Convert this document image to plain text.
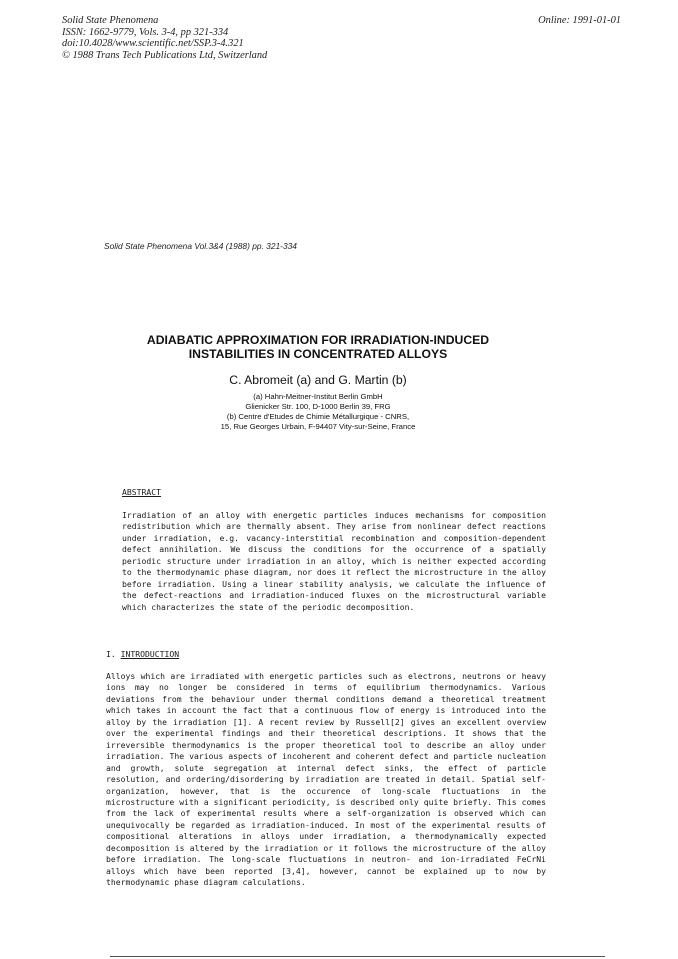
Solid State Phenomena
ISSN: 1662-9779, Vols. 3-4, pp 321-334
doi:10.4028/www.scientific.net/SSP.3-4.321
© 1988 Trans Tech Publications Ltd, Switzerland
Online: 1991-01-01
Solid State Phenomena Vol.3&4 (1988) pp. 321-334
ADIABATIC APPROXIMATION FOR IRRADIATION-INDUCED
INSTABILITIES IN CONCENTRATED ALLOYS
C. Abromeit (a) and G. Martin (b)
(a) Hahn-Meitner-Institut Berlin GmbH
Glienicker Str. 100, D-1000 Berlin 39, FRG
(b) Centre d'Etudes de Chimie Métallurgique - CNRS,
15, Rue Georges Urbain, F-94407 Vity-sur-Seine, France
ABSTRACT
Irradiation of an alloy with energetic particles induces mechanisms for composition redistribution which are thermally absent. They arise from nonlinear defect reactions under irradiation, e.g. vacancy-interstitial recombination and composition-dependent defect annihilation. We discuss the conditions for the occurrence of a spatially periodic structure under irradiation in an alloy, which is neither expected according to the thermodynamic phase diagram, nor does it reflect the microstructure in the alloy before irradiation. Using a linear stability analysis, we calculate the influence of the defect-reactions and irradiation-induced fluxes on the microstructural variable which characterizes the state of the periodic decomposition.
I. INTRODUCTION
Alloys which are irradiated with energetic particles such as electrons, neutrons or heavy ions may no longer be considered in terms of equilibrium thermodynamics. Various deviations from the behaviour under thermal conditions demand a theoretical treatment which takes in account the fact that a continuous flow of energy is introduced into the alloy by the irradiation [1]. A recent review by Russell[2] gives an excellent overview over the experimental findings and their theoretical descriptions. It shows that the irreversible thermodynamics is the proper theoretical tool to describe an alloy under irradiation. The various aspects of incoherent and coherent defect and particle nucleation and growth, solute segregation at internal defect sinks, the effect of particle resolution, and ordering/disordering by irradiation are treated in detail. Spatial self-organization, however, that is the occurence of long-scale fluctuations in the microstructure with a significant periodicity, is described only quite briefly. This comes from the lack of experimental results where a self-organization is observed which can unequivocally be regarded as irradiation-induced. In most of the experimental results of compositional alterations in alloys under irradiation, a thermodynamically expected decomposition is altered by the irradiation or it follows the microstructure of the alloy before irradiation. The long-scale fluctuations in neutron- and ion-irradiated FeCrNi alloys which have been reported [3,4], however, cannot be explained up to now by thermodynamic phase diagram calculations.
